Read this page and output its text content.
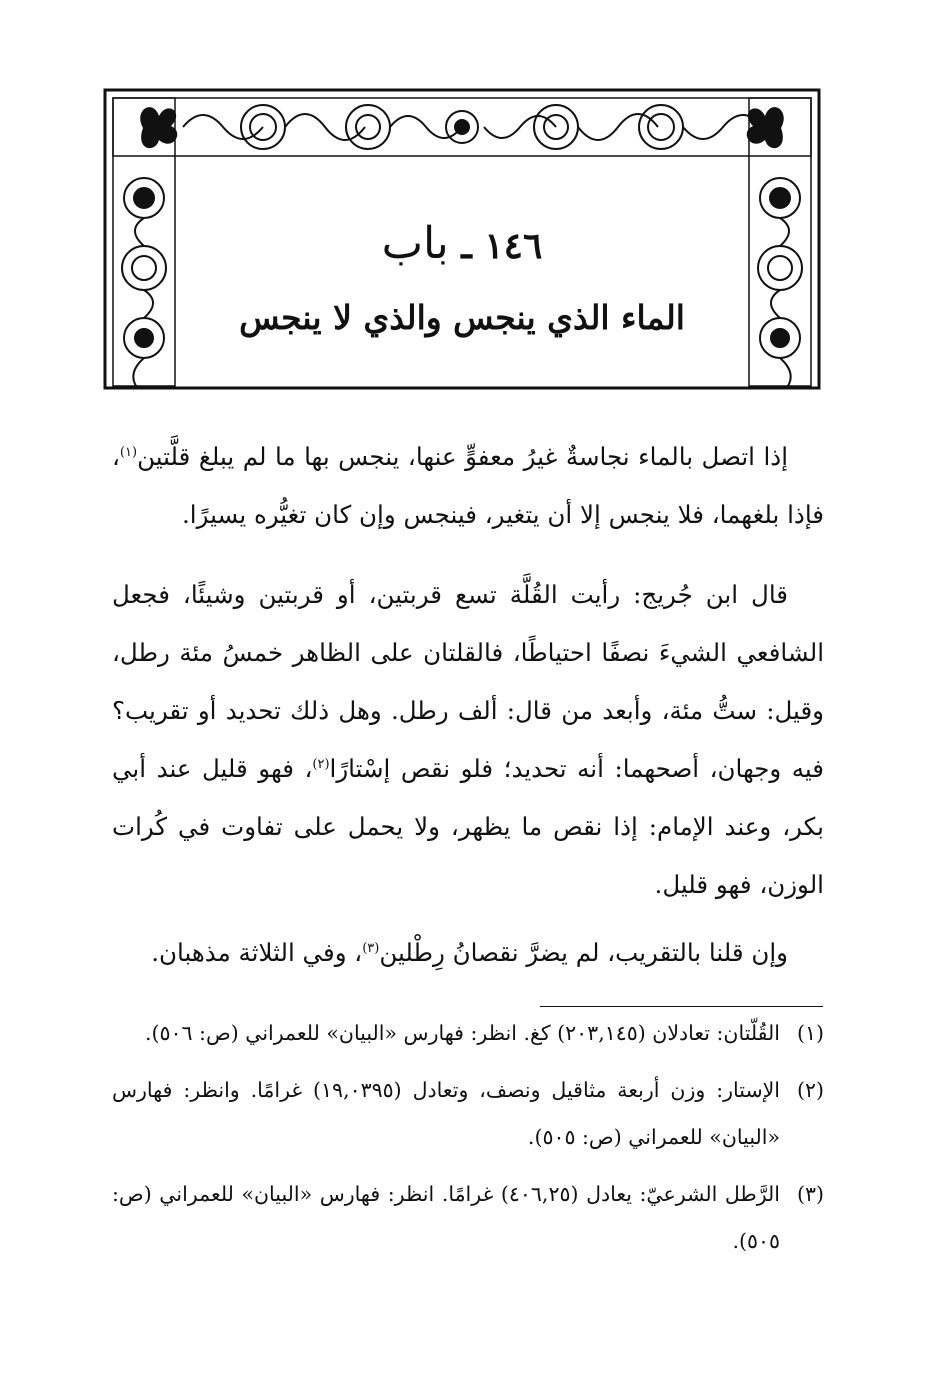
١٤٦ ـ باب
الماء الذي ينجس والذي لا ينجس

إذا اتصل بالماء نجاسةٌ غيرُ معفوٍّ عنها، ينجس بها ما لم يبلغ قلَّتين$^{(١)}$، فإذا بلغهما، فلا ينجس إلا أن يتغير، فينجس وإن كان تغيُّره يسيرًا.

قال ابن جُريج: رأيت القُلَّة تسع قربتين، أو قربتين وشيئًا، فجعل الشافعي الشيءَ نصفًا احتياطًا، فالقلتان على الظاهر خمسُ مئة رطل، وقيل: ستُّ مئة، وأبعد من قال: ألف رطل. وهل ذلك تحديد أو تقريب؟ فيه وجهان، أصحهما: أنه تحديد؛ فلو نقص إسْتارًا$^{(٢)}$، فهو قليل عند أبي بكر، وعند الإمام: إذا نقص ما يظهر، ولا يحمل على تفاوت في كُرات الوزن، فهو قليل.

وإن قلنا بالتقريب، لم يضرَّ نقصانُ رِطْلين$^{(٣)}$، وفي الثلاثة مذهبان.

(١)
القُلّتان: تعادلان (٢٠٣,١٤٥) كغ. انظر: فهارس «البيان» للعمراني (ص: ٥٠٦).
(٢)
الإستار: وزن أربعة مثاقيل ونصف، وتعادل (١٩,٠٣٩٥) غرامًا. وانظر: فهارس «البيان» للعمراني (ص: ٥٠٥).
(٣)
الرَّطل الشرعيّ: يعادل (٤٠٦,٢٥) غرامًا. انظر: فهارس «البيان» للعمراني (ص: ٥٠٥).
